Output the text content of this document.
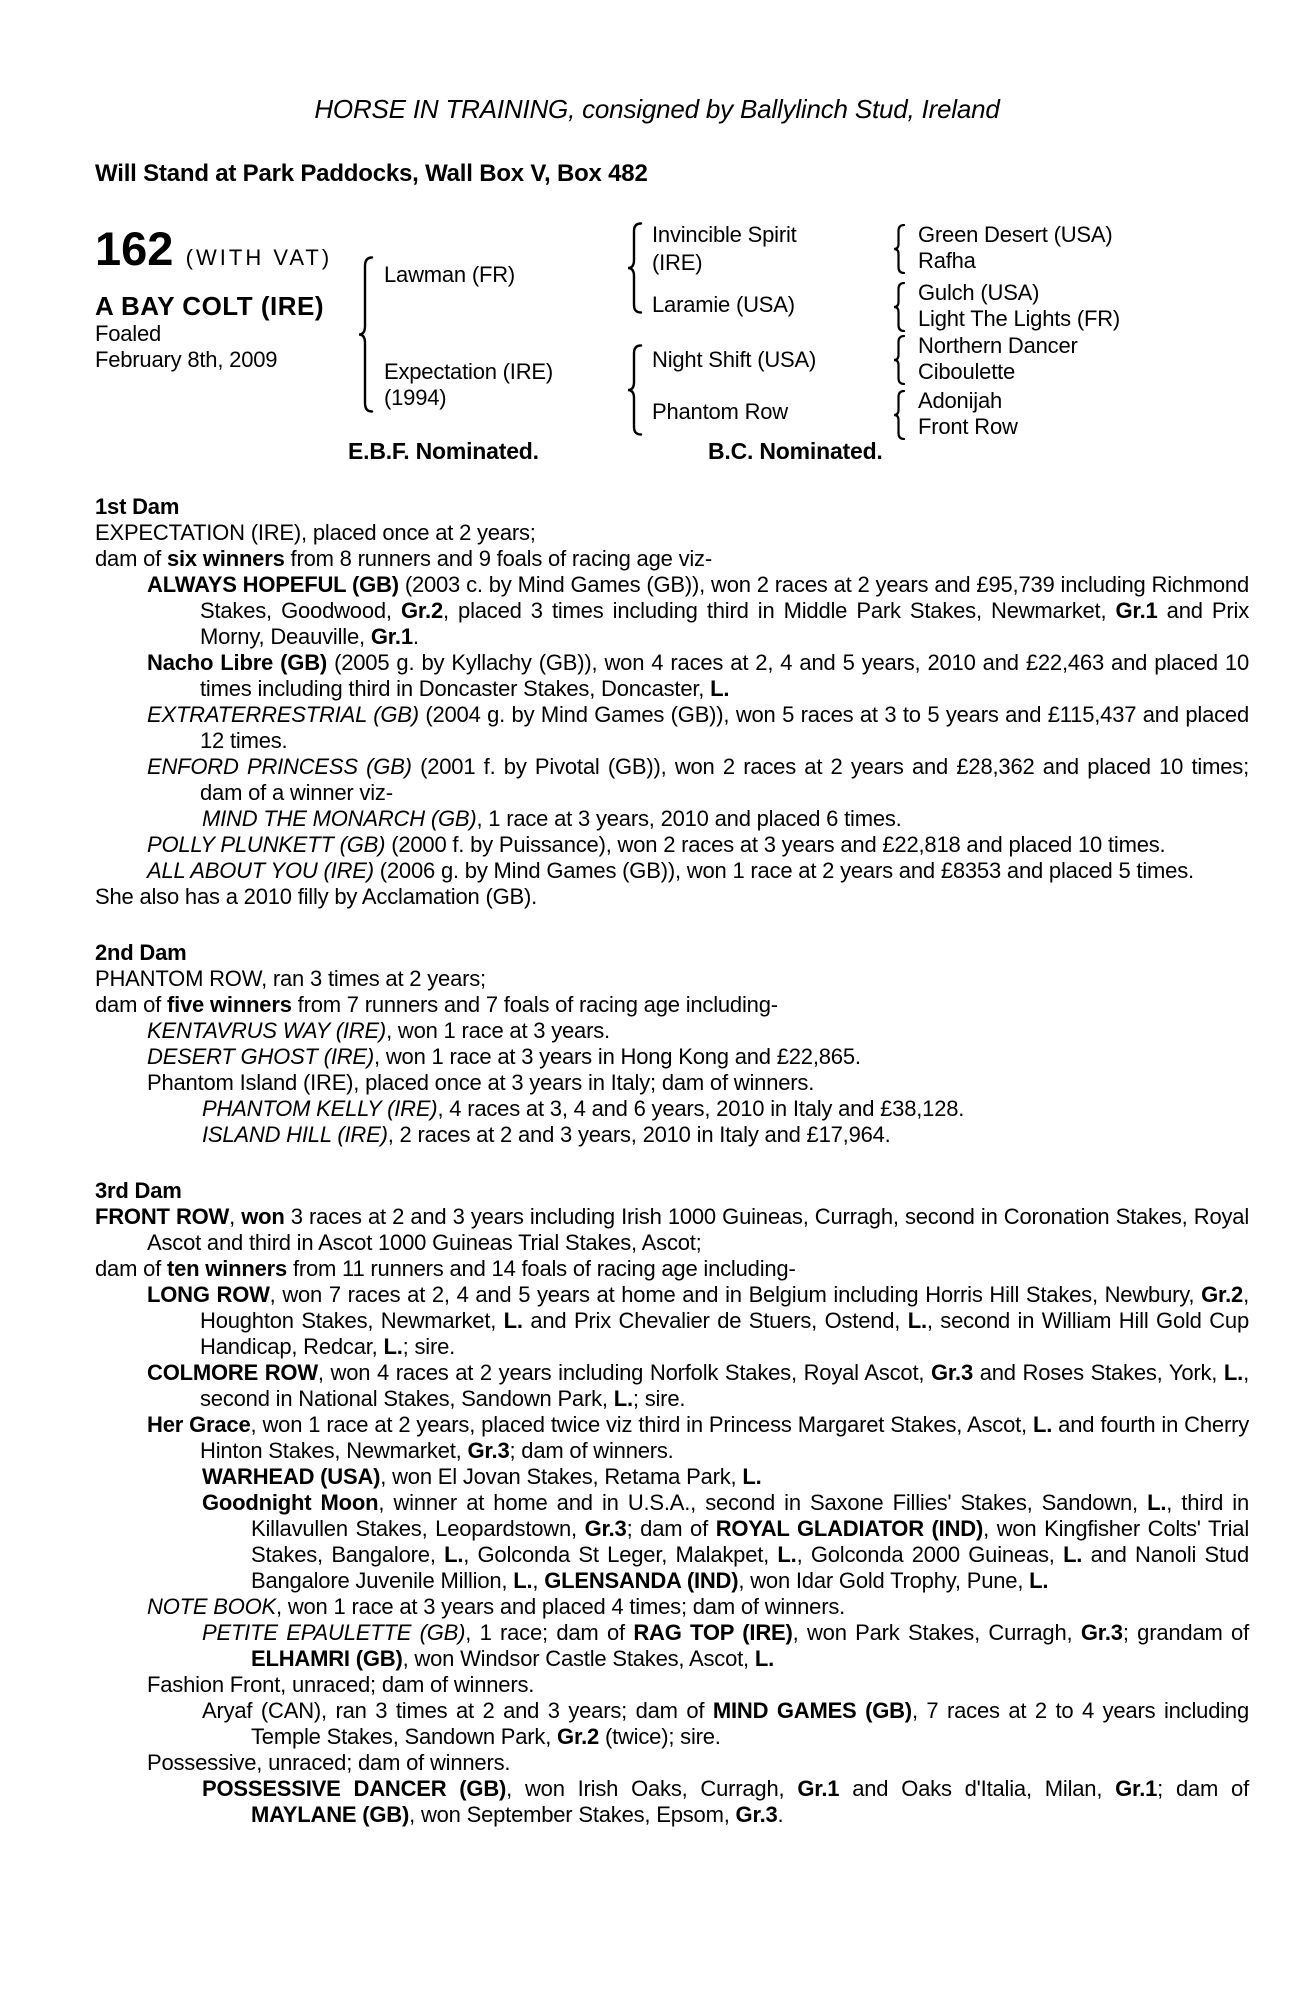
HORSE IN TRAINING, consigned by Ballylinch Stud, Ireland
Will Stand at Park Paddocks, Wall Box V, Box 482
162 (WITH VAT)
A BAY COLT (IRE)
Foaled
February 8th, 2009
Lawman (FR)
Expectation (IRE)
(1994)
Invincible Spirit (IRE)
Laramie (USA)
Night Shift (USA)
Phantom Row
Green Desert (USA)
Rafha
Gulch (USA)
Light The Lights (FR)
Northern Dancer
Ciboulette
Adonijah
Front Row
E.B.F. Nominated.	B.C. Nominated.
1st Dam

EXPECTATION (IRE), placed once at 2 years;

dam of six winners from 8 runners and 9 foals of racing age viz-

ALWAYS HOPEFUL (GB) (2003 c. by Mind Games (GB)), won 2 races at 2 years and £95,739 including Richmond Stakes, Goodwood, Gr.2, placed 3 times including third in Middle Park Stakes, Newmarket, Gr.1 and Prix Morny, Deauville, Gr.1.

Nacho Libre (GB) (2005 g. by Kyllachy (GB)), won 4 races at 2, 4 and 5 years, 2010 and £22,463 and placed 10 times including third in Doncaster Stakes, Doncaster, L.

EXTRATERRESTRIAL (GB) (2004 g. by Mind Games (GB)), won 5 races at 3 to 5 years and £115,437 and placed 12 times.

ENFORD PRINCESS (GB) (2001 f. by Pivotal (GB)), won 2 races at 2 years and £28,362 and placed 10 times; dam of a winner viz-

MIND THE MONARCH (GB), 1 race at 3 years, 2010 and placed 6 times.

POLLY PLUNKETT (GB) (2000 f. by Puissance), won 2 races at 3 years and £22,818 and placed 10 times.

ALL ABOUT YOU (IRE) (2006 g. by Mind Games (GB)), won 1 race at 2 years and £8353 and placed 5 times.

She also has a 2010 filly by Acclamation (GB).

2nd Dam

PHANTOM ROW, ran 3 times at 2 years;

dam of five winners from 7 runners and 7 foals of racing age including-

KENTAVRUS WAY (IRE), won 1 race at 3 years.

DESERT GHOST (IRE), won 1 race at 3 years in Hong Kong and £22,865.

Phantom Island (IRE), placed once at 3 years in Italy; dam of winners.

PHANTOM KELLY (IRE), 4 races at 3, 4 and 6 years, 2010 in Italy and £38,128.

ISLAND HILL (IRE), 2 races at 2 and 3 years, 2010 in Italy and £17,964.

3rd Dam

FRONT ROW, won 3 races at 2 and 3 years including Irish 1000 Guineas, Curragh, second in Coronation Stakes, Royal Ascot and third in Ascot 1000 Guineas Trial Stakes, Ascot;

dam of ten winners from 11 runners and 14 foals of racing age including-

LONG ROW, won 7 races at 2, 4 and 5 years at home and in Belgium including Horris Hill Stakes, Newbury, Gr.2, Houghton Stakes, Newmarket, L. and Prix Chevalier de Stuers, Ostend, L., second in William Hill Gold Cup Handicap, Redcar, L.; sire.

COLMORE ROW, won 4 races at 2 years including Norfolk Stakes, Royal Ascot, Gr.3 and Roses Stakes, York, L., second in National Stakes, Sandown Park, L.; sire.

Her Grace, won 1 race at 2 years, placed twice viz third in Princess Margaret Stakes, Ascot, L. and fourth in Cherry Hinton Stakes, Newmarket, Gr.3; dam of winners.

WARHEAD (USA), won El Jovan Stakes, Retama Park, L.

Goodnight Moon, winner at home and in U.S.A., second in Saxone Fillies' Stakes, Sandown, L., third in Killavullen Stakes, Leopardstown, Gr.3; dam of ROYAL GLADIATOR (IND), won Kingfisher Colts' Trial Stakes, Bangalore, L., Golconda St Leger, Malakpet, L., Golconda 2000 Guineas, L. and Nanoli Stud Bangalore Juvenile Million, L., GLENSANDA (IND), won Idar Gold Trophy, Pune, L.

NOTE BOOK, won 1 race at 3 years and placed 4 times; dam of winners.

PETITE EPAULETTE (GB), 1 race; dam of RAG TOP (IRE), won Park Stakes, Curragh, Gr.3; grandam of ELHAMRI (GB), won Windsor Castle Stakes, Ascot, L.

Fashion Front, unraced; dam of winners.

Aryaf (CAN), ran 3 times at 2 and 3 years; dam of MIND GAMES (GB), 7 races at 2 to 4 years including Temple Stakes, Sandown Park, Gr.2 (twice); sire.

Possessive, unraced; dam of winners.

POSSESSIVE DANCER (GB), won Irish Oaks, Curragh, Gr.1 and Oaks d'Italia, Milan, Gr.1; dam of MAYLANE (GB), won September Stakes, Epsom, Gr.3.
